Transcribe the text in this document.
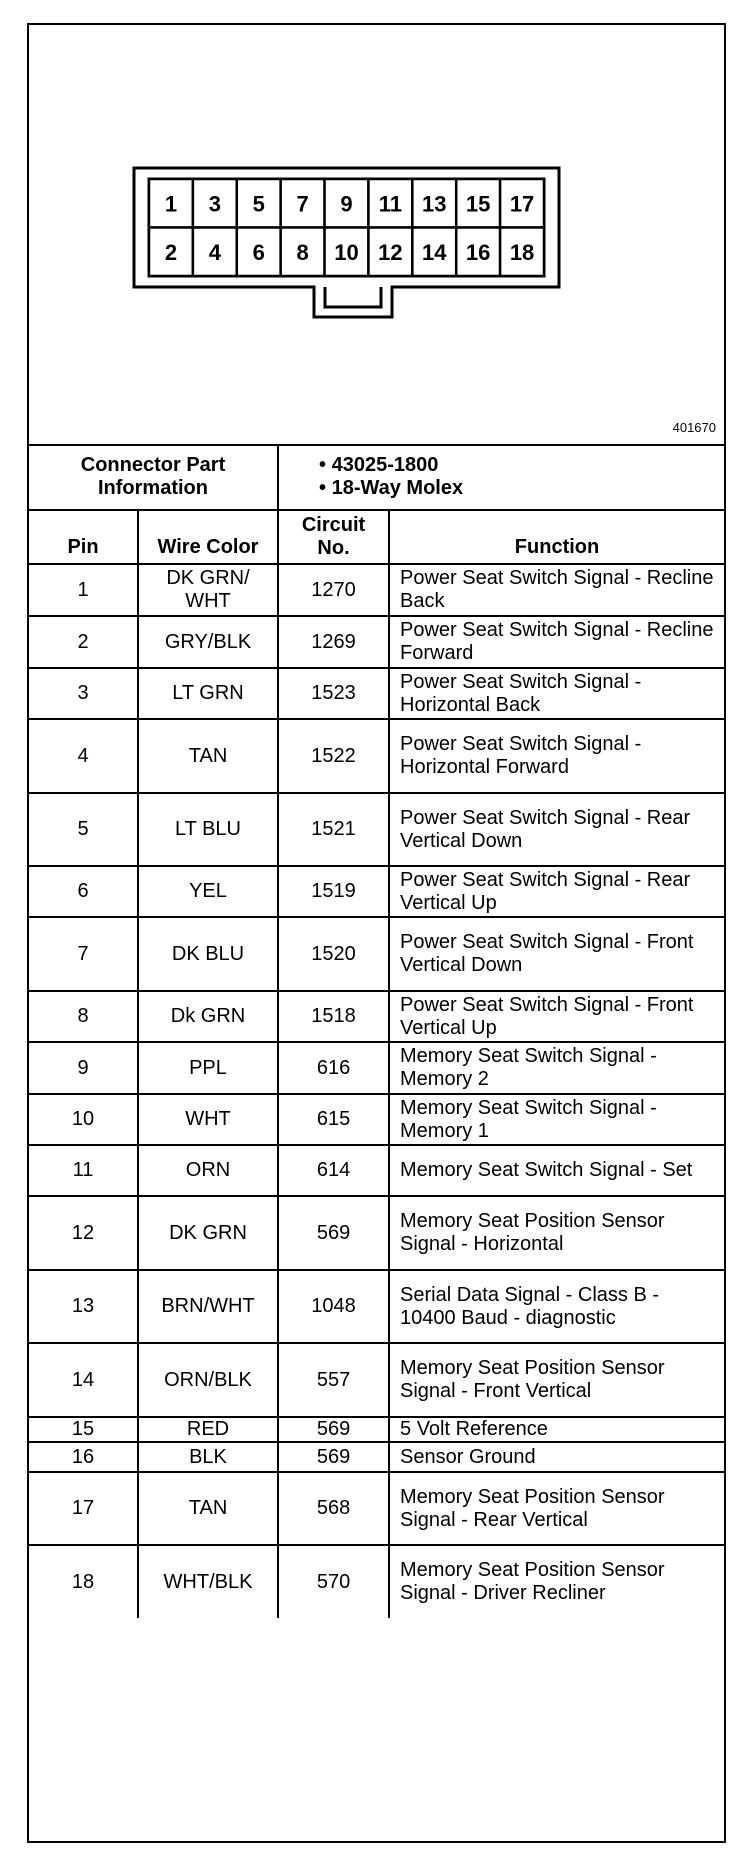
1 3 5 7 9 11 13 15 17
2 4 6 8 10 12 14 16 18
401670
Connector Part Information		• 43025-1800
• 18-Way Molex	

Pin	Wire Color	Circuit No.	Function
1	DK GRN/ WHT	1270	Power Seat Switch Signal - Recline Back
2	GRY/BLK	1269	Power Seat Switch Signal - Recline Forward
3	LT GRN	1523	Power Seat Switch Signal - Horizontal Back
4	TAN	1522	Power Seat Switch Signal - Horizontal Forward
5	LT BLU	1521	Power Seat Switch Signal - Rear Vertical Down
6	YEL	1519	Power Seat Switch Signal - Rear Vertical Up
7	DK BLU	1520	Power Seat Switch Signal - Front Vertical Down
8	Dk GRN	1518	Power Seat Switch Signal - Front Vertical Up
9	PPL	616	Memory Seat Switch Signal - Memory 2
10	WHT	615	Memory Seat Switch Signal - Memory 1
11	ORN	614	Memory Seat Switch Signal - Set
12	DK GRN	569	Memory Seat Position Sensor Signal - Horizontal
13	BRN/WHT	1048	Serial Data Signal - Class B - 10400 Baud - diagnostic
14	ORN/BLK	557	Memory Seat Position Sensor Signal - Front Vertical
15	RED	569	5 Volt Reference
16	BLK	569	Sensor Ground
17	TAN	568	Memory Seat Position Sensor Signal - Rear Vertical
18	WHT/BLK	570	Memory Seat Position Sensor Signal - Driver Recliner
